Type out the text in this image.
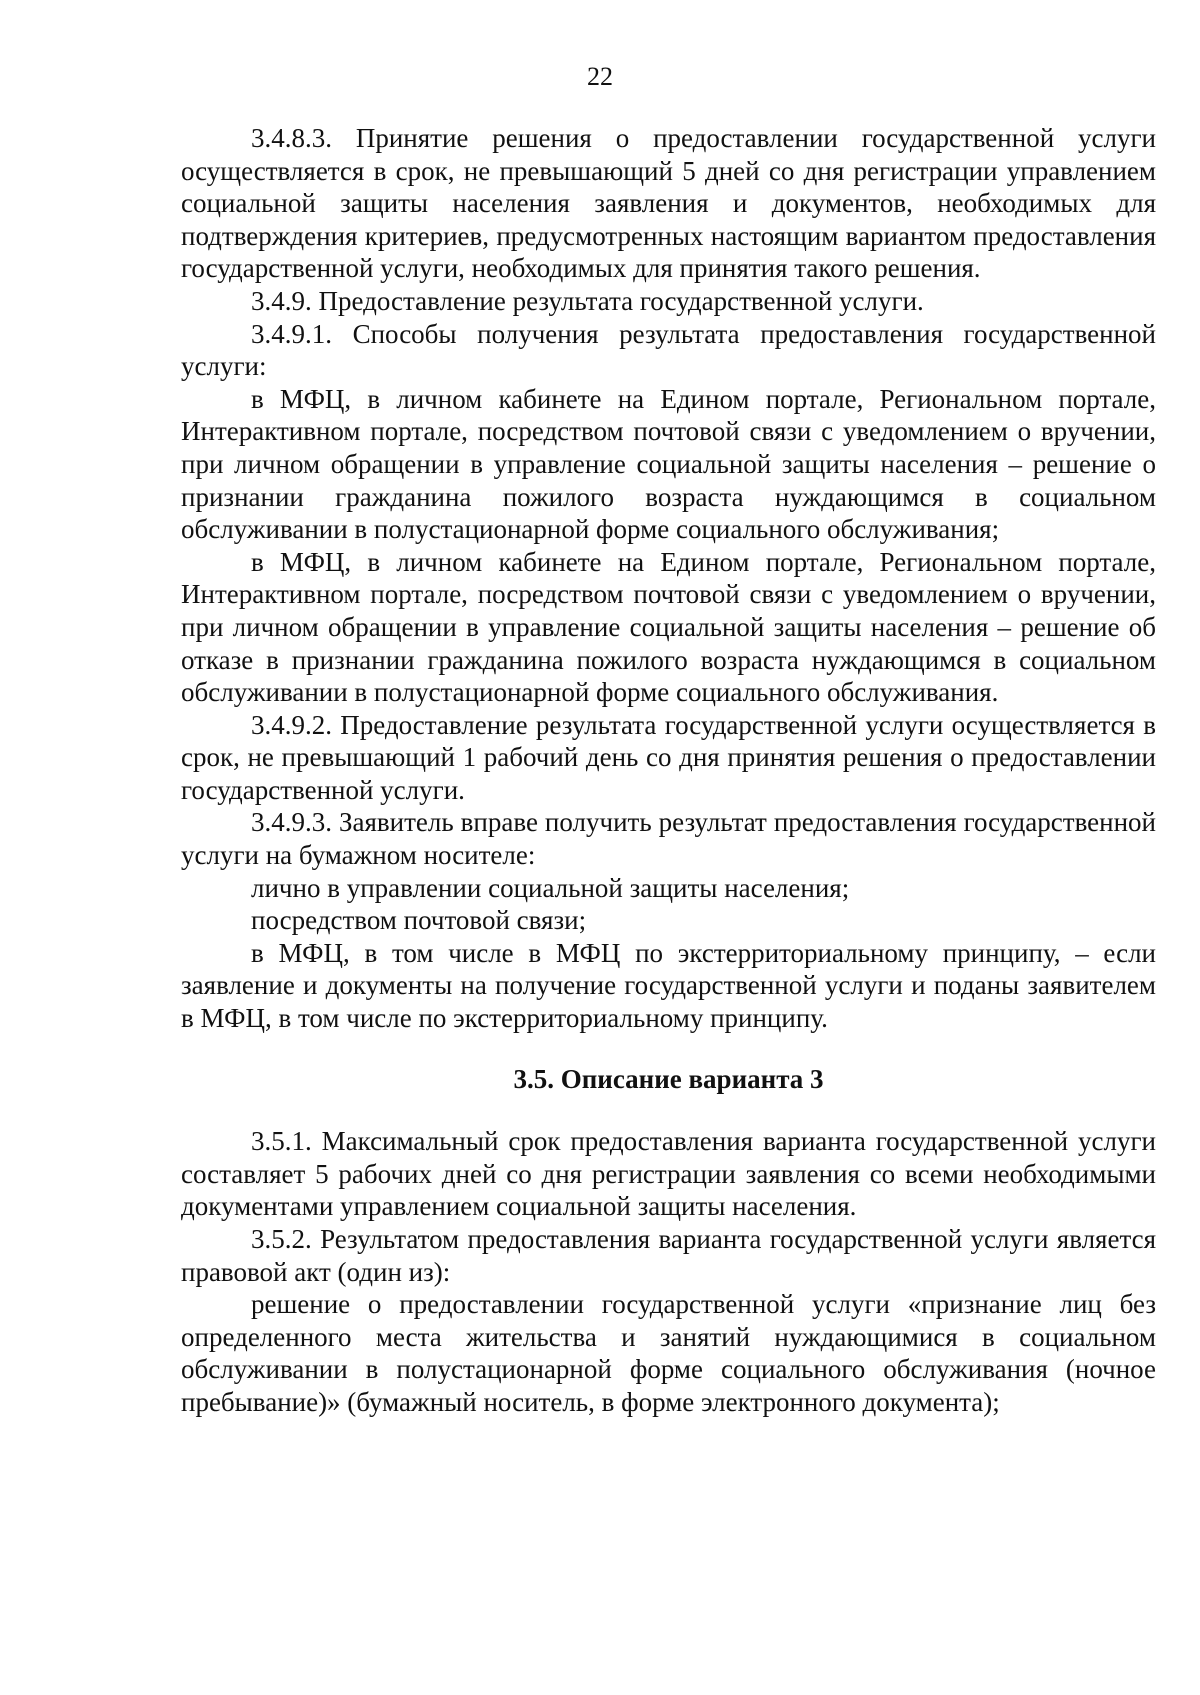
22

3.4.8.3. Принятие решения о предоставлении государственной услуги осуществляется в срок, не превышающий 5 дней со дня регистрации управлением социальной защиты населения заявления и документов, необходимых для подтверждения критериев, предусмотренных настоящим вариантом предоставления государственной услуги, необходимых для принятия такого решения.

3.4.9. Предоставление результата государственной услуги.

3.4.9.1. Способы получения результата предоставления государственной услуги:

в МФЦ, в личном кабинете на Едином портале, Региональном портале, Интерактивном портале, посредством почтовой связи с уведомлением о вручении, при личном обращении в управление социальной защиты населения – решение о признании гражданина пожилого возраста нуждающимся в социальном обслуживании в полустационарной форме социального обслуживания;

в МФЦ, в личном кабинете на Едином портале, Региональном портале, Интерактивном портале, посредством почтовой связи с уведомлением о вручении, при личном обращении в управление социальной защиты населения – решение об отказе в признании гражданина пожилого возраста нуждающимся в социальном обслуживании в полустационарной форме социального обслуживания.

3.4.9.2. Предоставление результата государственной услуги осуществляется в срок, не превышающий 1 рабочий день со дня принятия решения о предоставлении государственной услуги.

3.4.9.3. Заявитель вправе получить результат предоставления государственной услуги на бумажном носителе:

лично в управлении социальной защиты населения;

посредством почтовой связи;

в МФЦ, в том числе в МФЦ по экстерриториальному принципу, – если заявление и документы на получение государственной услуги и поданы заявителем в МФЦ, в том числе по экстерриториальному принципу.

3.5. Описание варианта 3

3.5.1. Максимальный срок предоставления варианта государственной услуги составляет 5 рабочих дней со дня регистрации заявления со всеми необходимыми документами управлением социальной защиты населения.

3.5.2. Результатом предоставления варианта государственной услуги является правовой акт (один из):

решение о предоставлении государственной услуги «признание лиц без определенного места жительства и занятий нуждающимися в социальном обслуживании в полустационарной форме социального обслуживания (ночное пребывание)» (бумажный носитель, в форме электронного документа);
